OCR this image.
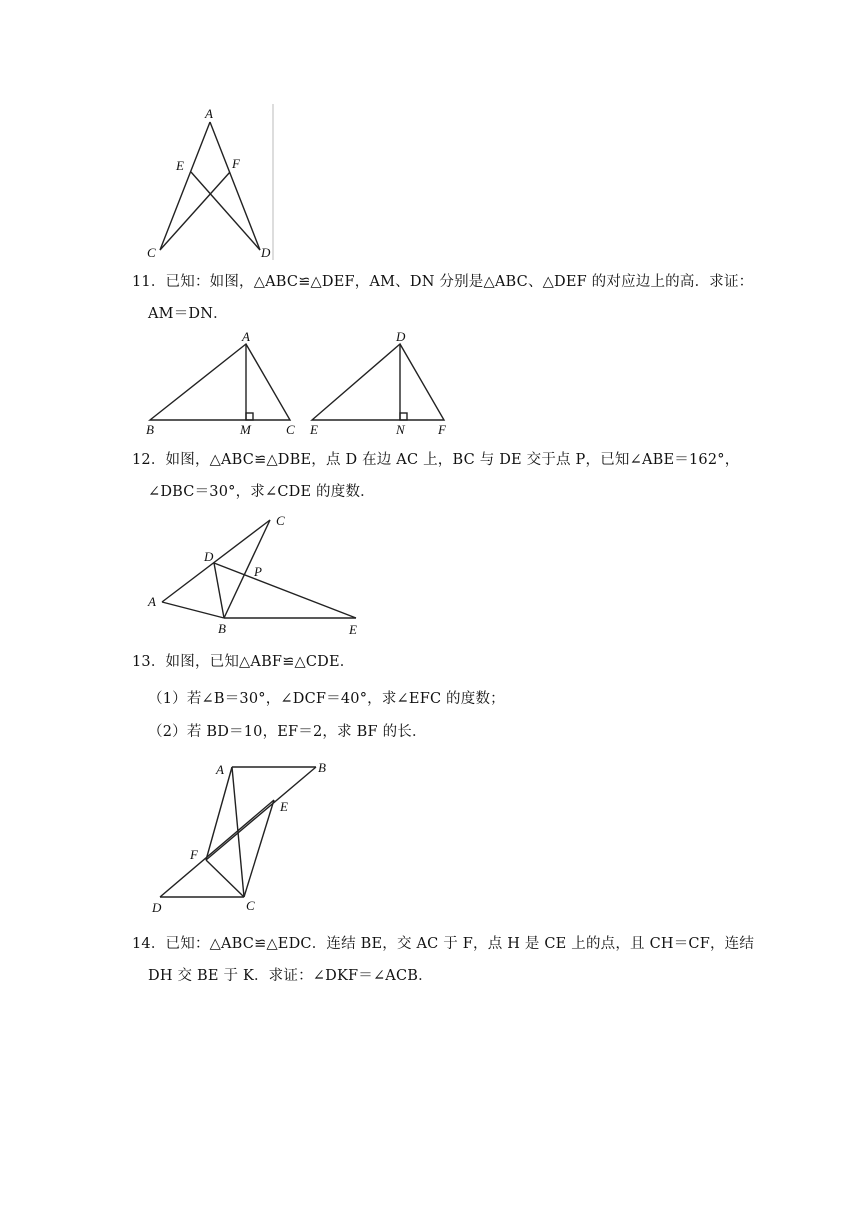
A
E	F
C	D
11．已知：如图，△ABC≌△DEF，AM、DN 分别是△ABC、△DEF 的对应边上的高．求证：
AM＝DN．
A
B	M	C
D
E	N	F
12．如图，△ABC≌△DBE，点 D 在边 AC 上，BC 与 DE 交于点 P，已知∠ABE＝162°，
∠DBC＝30°，求∠CDE 的度数．
C
D
P
A
B	E
13．如图，已知△ABF≌△CDE．
（1）若∠B＝30°，∠DCF＝40°，求∠EFC 的度数；
（2）若 BD＝10，EF＝2，求 BF 的长．
A	B
E
F
D	C
14．已知：△ABC≌△EDC．连结 BE，交 AC 于 F，点 H 是 CE 上的点，且 CH＝CF，连结
DH 交 BE 于 K．求证：∠DKF＝∠ACB．
